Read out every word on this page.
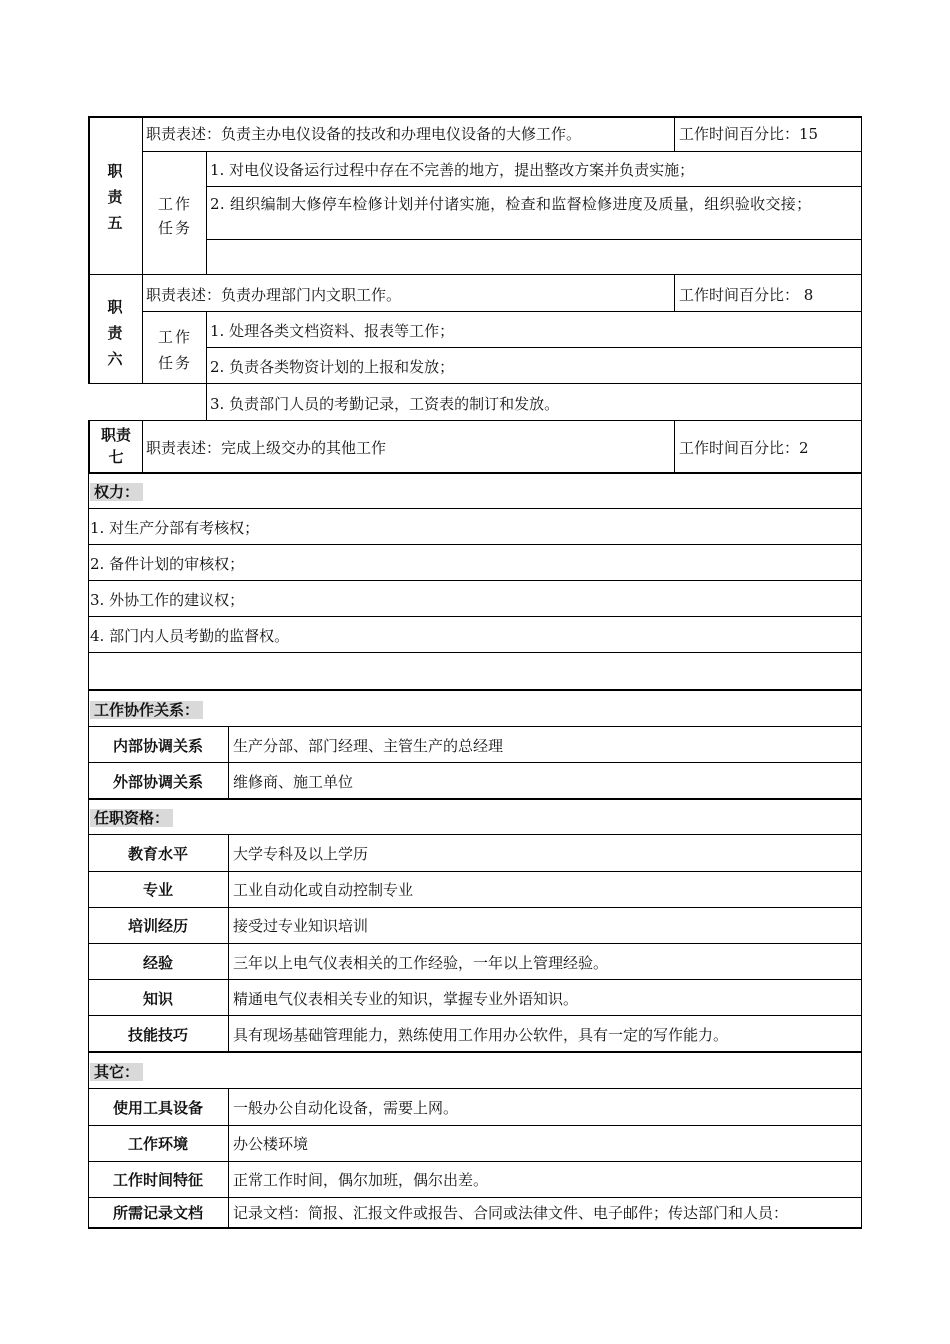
职责五
职责表述：负责主办电仪设备的技改和办理电仪设备的大修工作。	工作时间百分比：15
工作任务
1. 对电仪设备运行过程中存在不完善的地方，提出整改方案并负责实施；
2. 组织编制大修停车检修计划并付诸实施，检查和监督检修进度及质量，组织验收交接；
职责六
职责表述：负责办理部门内文职工作。	工作时间百分比： 8
工作任务
1. 处理各类文档资料、报表等工作；
2. 负责各类物资计划的上报和发放；
3. 负责部门人员的考勤记录，工资表的制订和发放。
职责七	职责表述：完成上级交办的其他工作	工作时间百分比：2
权力：
1. 对生产分部有考核权；
2. 备件计划的审核权；
3. 外协工作的建议权；
4. 部门内人员考勤的监督权。
工作协作关系：
内部协调关系	生产分部、部门经理、主管生产的总经理
外部协调关系	维修商、施工单位
任职资格：
教育水平	大学专科及以上学历
专业	工业自动化或自动控制专业
培训经历	接受过专业知识培训
经验	三年以上电气仪表相关的工作经验，一年以上管理经验。
知识	精通电气仪表相关专业的知识，掌握专业外语知识。
技能技巧	具有现场基础管理能力，熟练使用工作用办公软件，具有一定的写作能力。
其它：
使用工具设备	一般办公自动化设备，需要上网。
工作环境	办公楼环境
工作时间特征	正常工作时间，偶尔加班，偶尔出差。
所需记录文档	记录文档：简报、汇报文件或报告、合同或法律文件、电子邮件；传达部门和人员：
